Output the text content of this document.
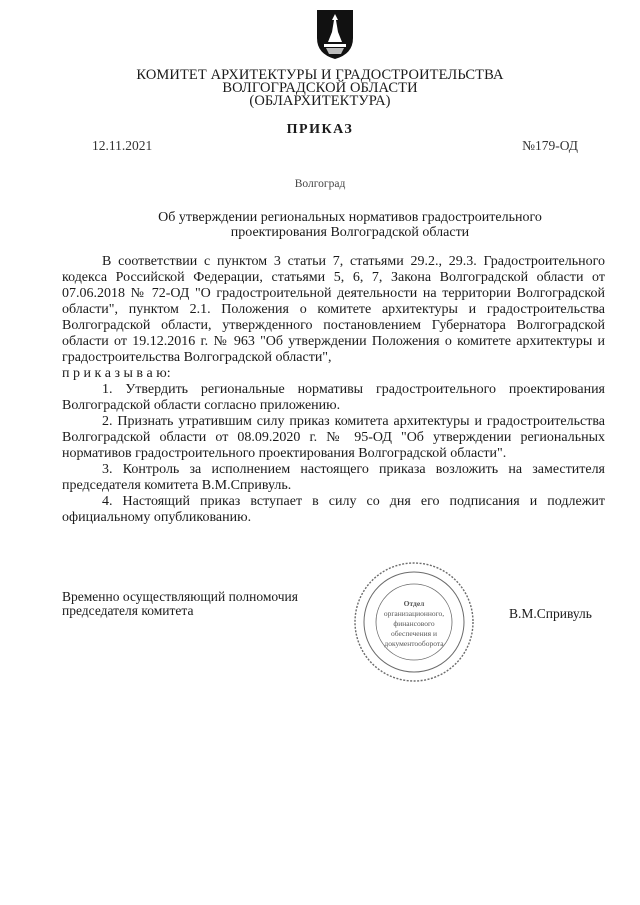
КОМИТЕТ АРХИТЕКТУРЫ И ГРАДОСТРОИТЕЛЬСТВА
ВОЛГОГРАДСКОЙ ОБЛАСТИ
(ОБЛАРХИТЕКТУРА)
ПРИКАЗ
12.11.2021	№179-ОД
Волгоград
Об утверждении региональных нормативов градостроительного
проектирования Волгоградской области

В соответствии с пунктом 3 статьи 7, статьями 29.2., 29.3. Градостроительного кодекса Российской Федерации, статьями 5, 6, 7, Закона Волгоградской области от 07.06.2018 № 72-ОД "О градостроительной деятельности на территории Волгоградской области", пунктом 2.1. Положения о комитете архитектуры и градостроительства Волгоградской области, утвержденного постановлением Губернатора Волгоградской области от 19.12.2016 г. № 963 "Об утверждении Положения о комитете архитектуры и градостроительства Волгоградской области",

п р и к а з ы в а ю:

1. Утвердить региональные нормативы градостроительного проектирования Волгоградской области согласно приложению.

2. Признать утратившим силу приказ комитета архитектуры и градостроительства Волгоградской области от 08.09.2020 г. № 95-ОД "Об утверждении региональных нормативов градостроительного проектирования Волгоградской области".

3. Контроль за исполнением настоящего приказа возложить на заместителя председателя комитета В.М.Спривуль.

4. Настоящий приказ вступает в силу со дня его подписания и подлежит официальному опубликованию.

Временно осуществляющий полномочия
председателя комитета	Отдел
организационного,
финансового
обеспечения и
документооборота
В.М.Спривуль
